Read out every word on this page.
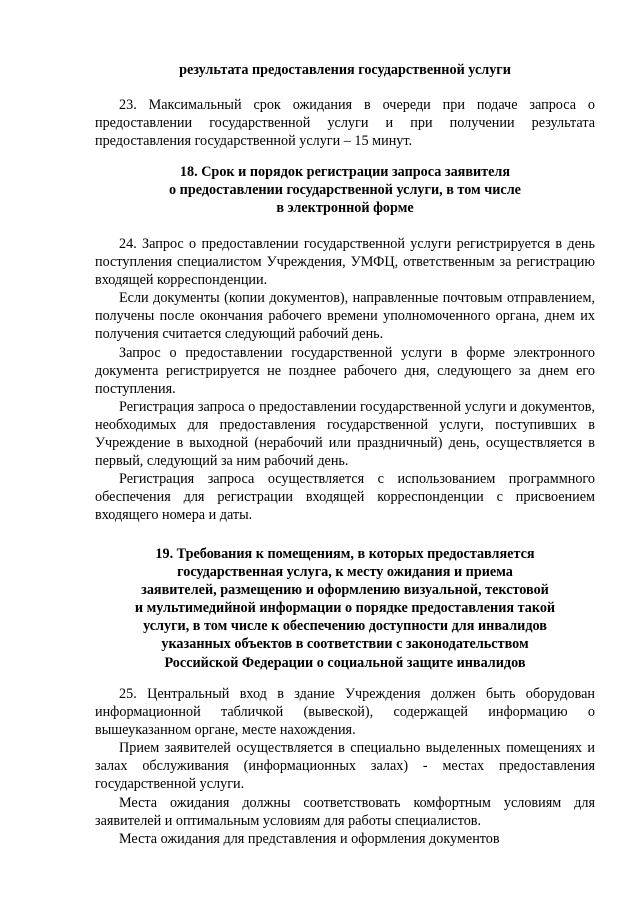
результата предоставления государственной услуги

23. Максимальный срок ожидания в очереди при подаче запроса о предоставлении государственной услуги и при получении результата предоставления государственной услуги – 15 минут.

18. Срок и порядок регистрации запроса заявителя
о предоставлении государственной услуги, в том числе
в электронной форме

24. Запрос о предоставлении государственной услуги регистрируется в день поступления специалистом Учреждения, УМФЦ, ответственным за регистрацию входящей корреспонденции.

Если документы (копии документов), направленные почтовым отправлением, получены после окончания рабочего времени уполномоченного органа, днем их получения считается следующий рабочий день.

Запрос о предоставлении государственной услуги в форме электронного документа регистрируется не позднее рабочего дня, следующего за днем его поступления.

Регистрация запроса о предоставлении государственной услуги и документов, необходимых для предоставления государственной услуги, поступивших в Учреждение в выходной (нерабочий или праздничный) день, осуществляется в первый, следующий за ним рабочий день.

Регистрация запроса осуществляется с использованием программного обеспечения для регистрации входящей корреспонденции с присвоением входящего номера и даты.

19. Требования к помещениям, в которых предоставляется
государственная услуга, к месту ожидания и приема
заявителей, размещению и оформлению визуальной, текстовой
и мультимедийной информации о порядке предоставления такой
услуги, в том числе к обеспечению доступности для инвалидов
указанных объектов в соответствии с законодательством
Российской Федерации о социальной защите инвалидов

25. Центральный вход в здание Учреждения должен быть оборудован информационной табличкой (вывеской), содержащей информацию о вышеуказанном органе, месте нахождения.

Прием заявителей осуществляется в специально выделенных помещениях и залах обслуживания (информационных залах) - местах предоставления государственной услуги.

Места ожидания должны соответствовать комфортным условиям для заявителей и оптимальным условиям для работы специалистов.

Места ожидания для представления и оформления документов
